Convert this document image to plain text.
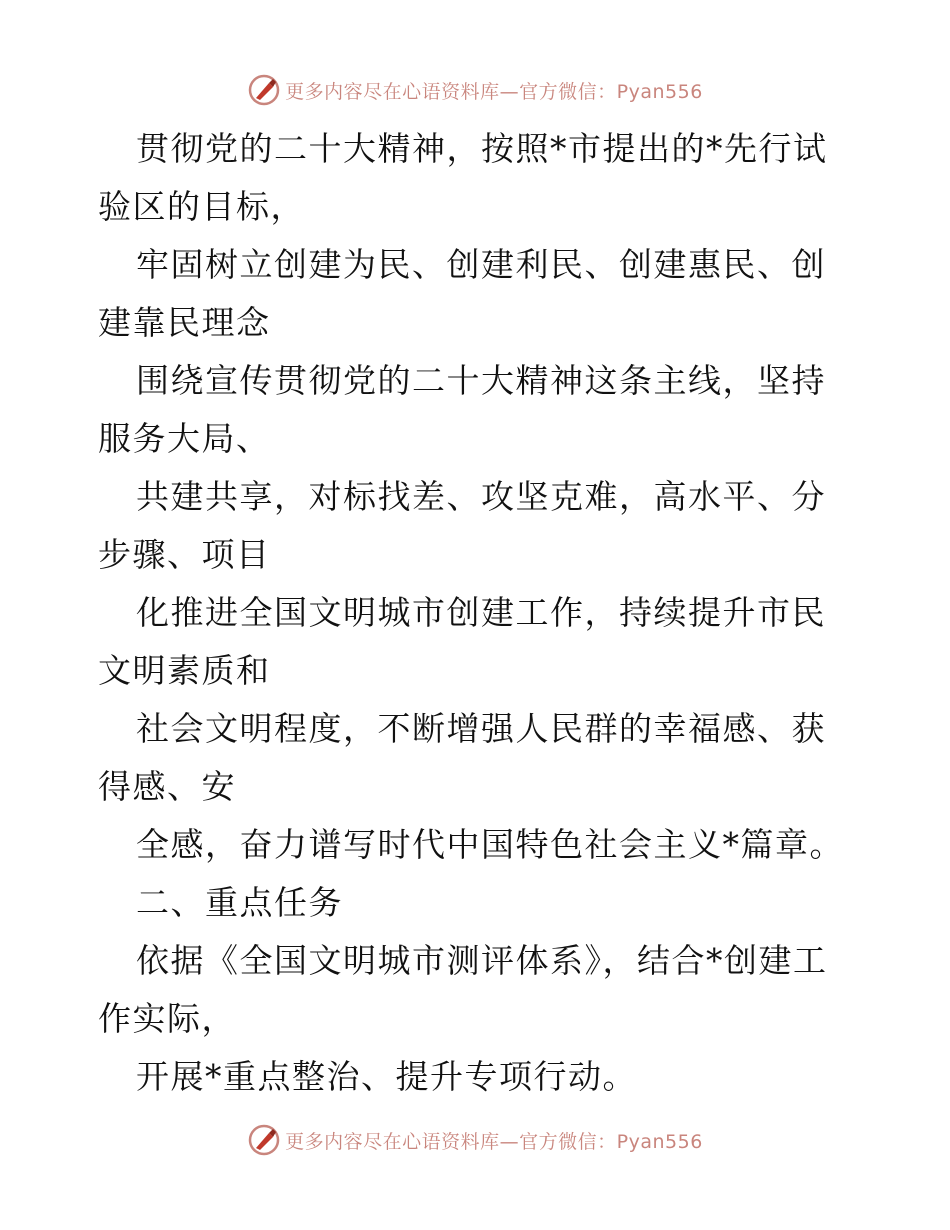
更多内容尽在心语资料库—官方微信：Pyan556

贯彻党的二十大精神，按照*市提出的*先行试验区的目标，

牢固树立创建为民、创建利民、创建惠民、创建靠民理念

围绕宣传贯彻党的二十大精神这条主线，坚持服务大局、

共建共享，对标找差、攻坚克难，高水平、分步骤、项目

化推进全国文明城市创建工作，持续提升市民文明素质和

社会文明程度，不断增强人民群的幸福感、获得感、安

全感，奋力谱写时代中国特色社会主义*篇章。

二、重点任务

依据《全国文明城市测评体系》，结合*创建工作实际，

开展*重点整治、提升专项行动。

更多内容尽在心语资料库—官方微信：Pyan556
